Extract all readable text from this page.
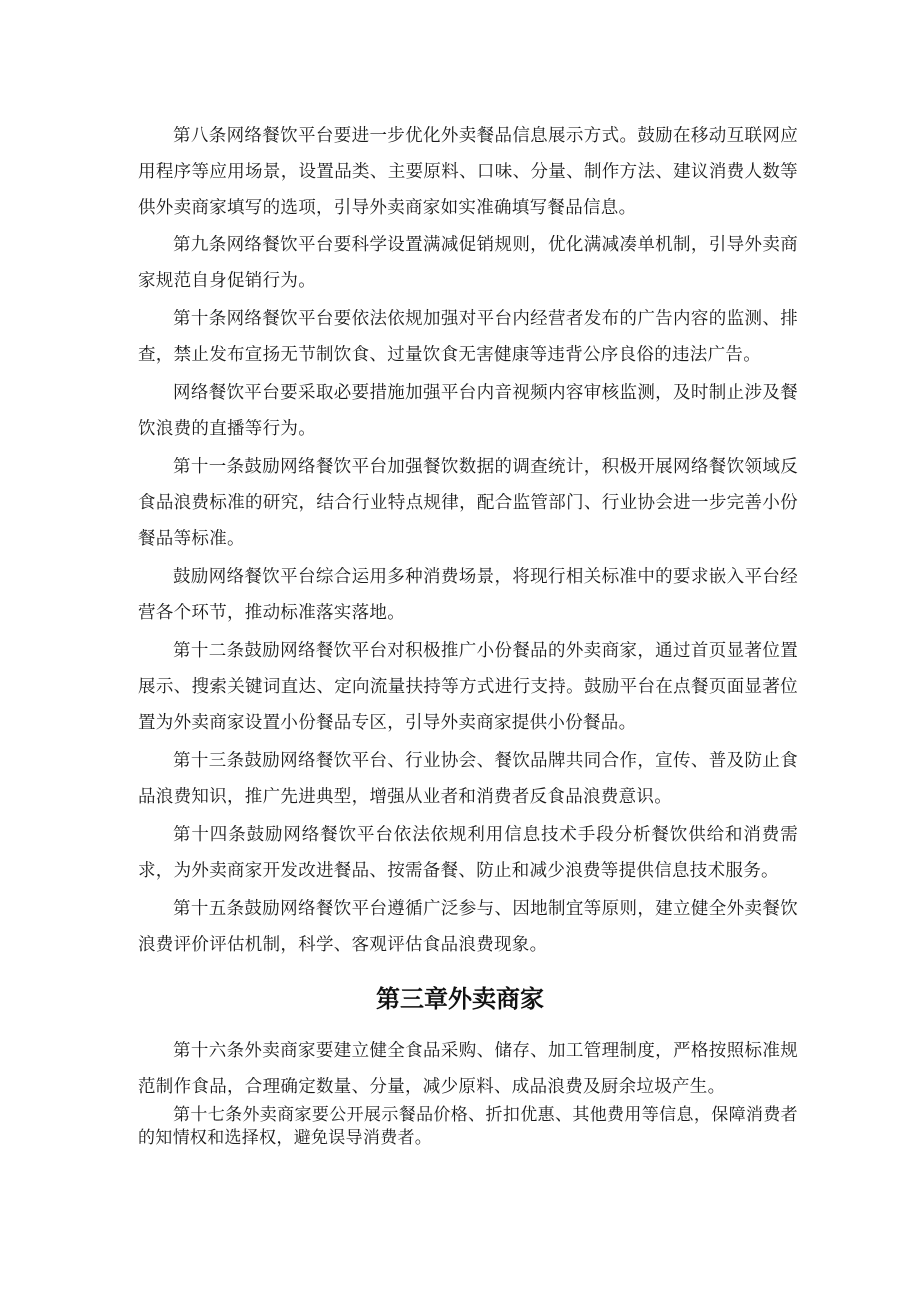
第八条网络餐饮平台要进一步优化外卖餐品信息展示方式。鼓励在移动互联网应用程序等应用场景，设置品类、主要原料、口味、分量、制作方法、建议消费人数等供外卖商家填写的选项，引导外卖商家如实准确填写餐品信息。

第九条网络餐饮平台要科学设置满减促销规则，优化满减凑单机制，引导外卖商家规范自身促销行为。

第十条网络餐饮平台要依法依规加强对平台内经营者发布的广告内容的监测、排查，禁止发布宣扬无节制饮食、过量饮食无害健康等违背公序良俗的违法广告。

网络餐饮平台要采取必要措施加强平台内音视频内容审核监测，及时制止涉及餐饮浪费的直播等行为。

第十一条鼓励网络餐饮平台加强餐饮数据的调查统计，积极开展网络餐饮领域反食品浪费标准的研究，结合行业特点规律，配合监管部门、行业协会进一步完善小份餐品等标准。

鼓励网络餐饮平台综合运用多种消费场景，将现行相关标准中的要求嵌入平台经营各个环节，推动标准落实落地。

第十二条鼓励网络餐饮平台对积极推广小份餐品的外卖商家，通过首页显著位置展示、搜索关键词直达、定向流量扶持等方式进行支持。鼓励平台在点餐页面显著位置为外卖商家设置小份餐品专区，引导外卖商家提供小份餐品。

第十三条鼓励网络餐饮平台、行业协会、餐饮品牌共同合作，宣传、普及防止食品浪费知识，推广先进典型，增强从业者和消费者反食品浪费意识。

第十四条鼓励网络餐饮平台依法依规利用信息技术手段分析餐饮供给和消费需求，为外卖商家开发改进餐品、按需备餐、防止和减少浪费等提供信息技术服务。

第十五条鼓励网络餐饮平台遵循广泛参与、因地制宜等原则，建立健全外卖餐饮浪费评价评估机制，科学、客观评估食品浪费现象。

第三章外卖商家

第十六条外卖商家要建立健全食品采购、储存、加工管理制度，严格按照标准规范制作食品，合理确定数量、分量，减少原料、成品浪费及厨余垃圾产生。

第十七条外卖商家要公开展示餐品价格、折扣优惠、其他费用等信息，保障消费者的知情权和选择权，避免误导消费者。
